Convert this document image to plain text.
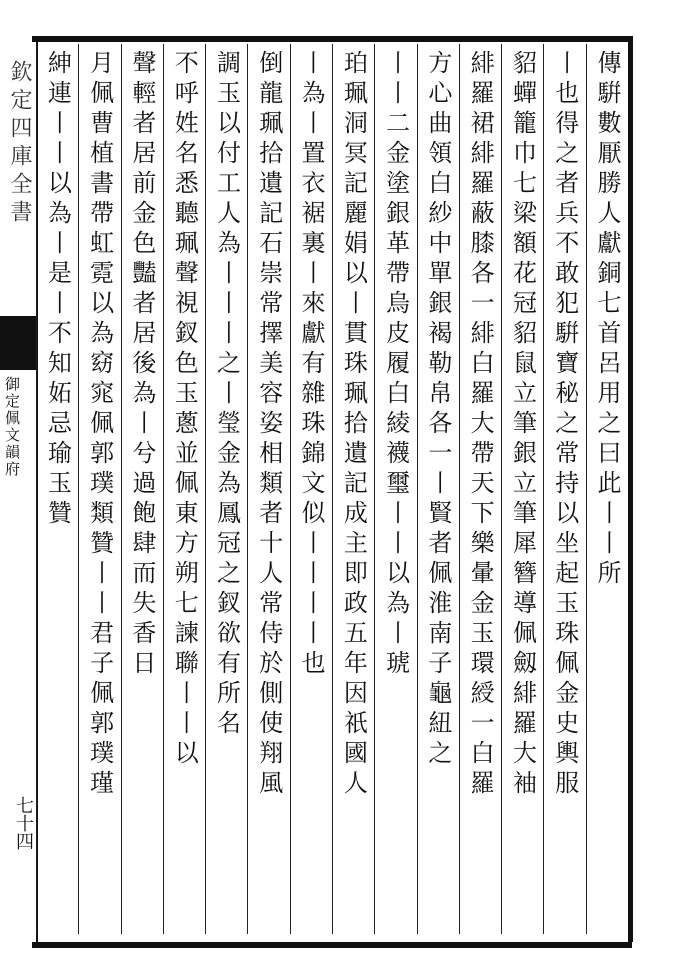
欽定四庫全書
御定佩文韻府
七十四
傳騈數厭勝人獻銅七首呂用之曰此丨丨所
丨也得之者兵不敢犯騈寶秘之常持以坐起玉珠佩金史輿服
貂蟬籠巾七梁額花冠貂鼠立筆銀立筆犀簪導佩劔緋羅大袖
緋羅裙緋羅蔽膝各一緋白羅大帶天下樂暈金玉環綬一白羅
方心曲領白紗中單銀褐勒帛各一丨賢者佩淮南子龜紐之
丨丨二金塗銀革帶烏皮履白綾襪璽丨丨以為丨琥
珀珮洞冥記麗娟以丨貫珠珮拾遺記成主即政五年因祇國人
丨為丨置衣裾裏丨來獻有雜珠錦文似丨丨丨丨也
倒龍珮拾遺記石崇常擇美容姿相類者十人常侍於側使翔風
調玉以付工人為丨丨丨之丨瑩金為鳳冠之釵欲有所名
不呼姓名悉聽珮聲視釵色玉蔥並佩東方朔七諫聯丨丨以
聲輕者居前金色豔者居後為丨兮過飽肆而失香日
月佩曹植書帶虹霓以為窈窕佩郭璞類贊丨丨君子佩郭璞瑾
紳連丨丨以為丨是丨不知妬忌瑜玉贊
